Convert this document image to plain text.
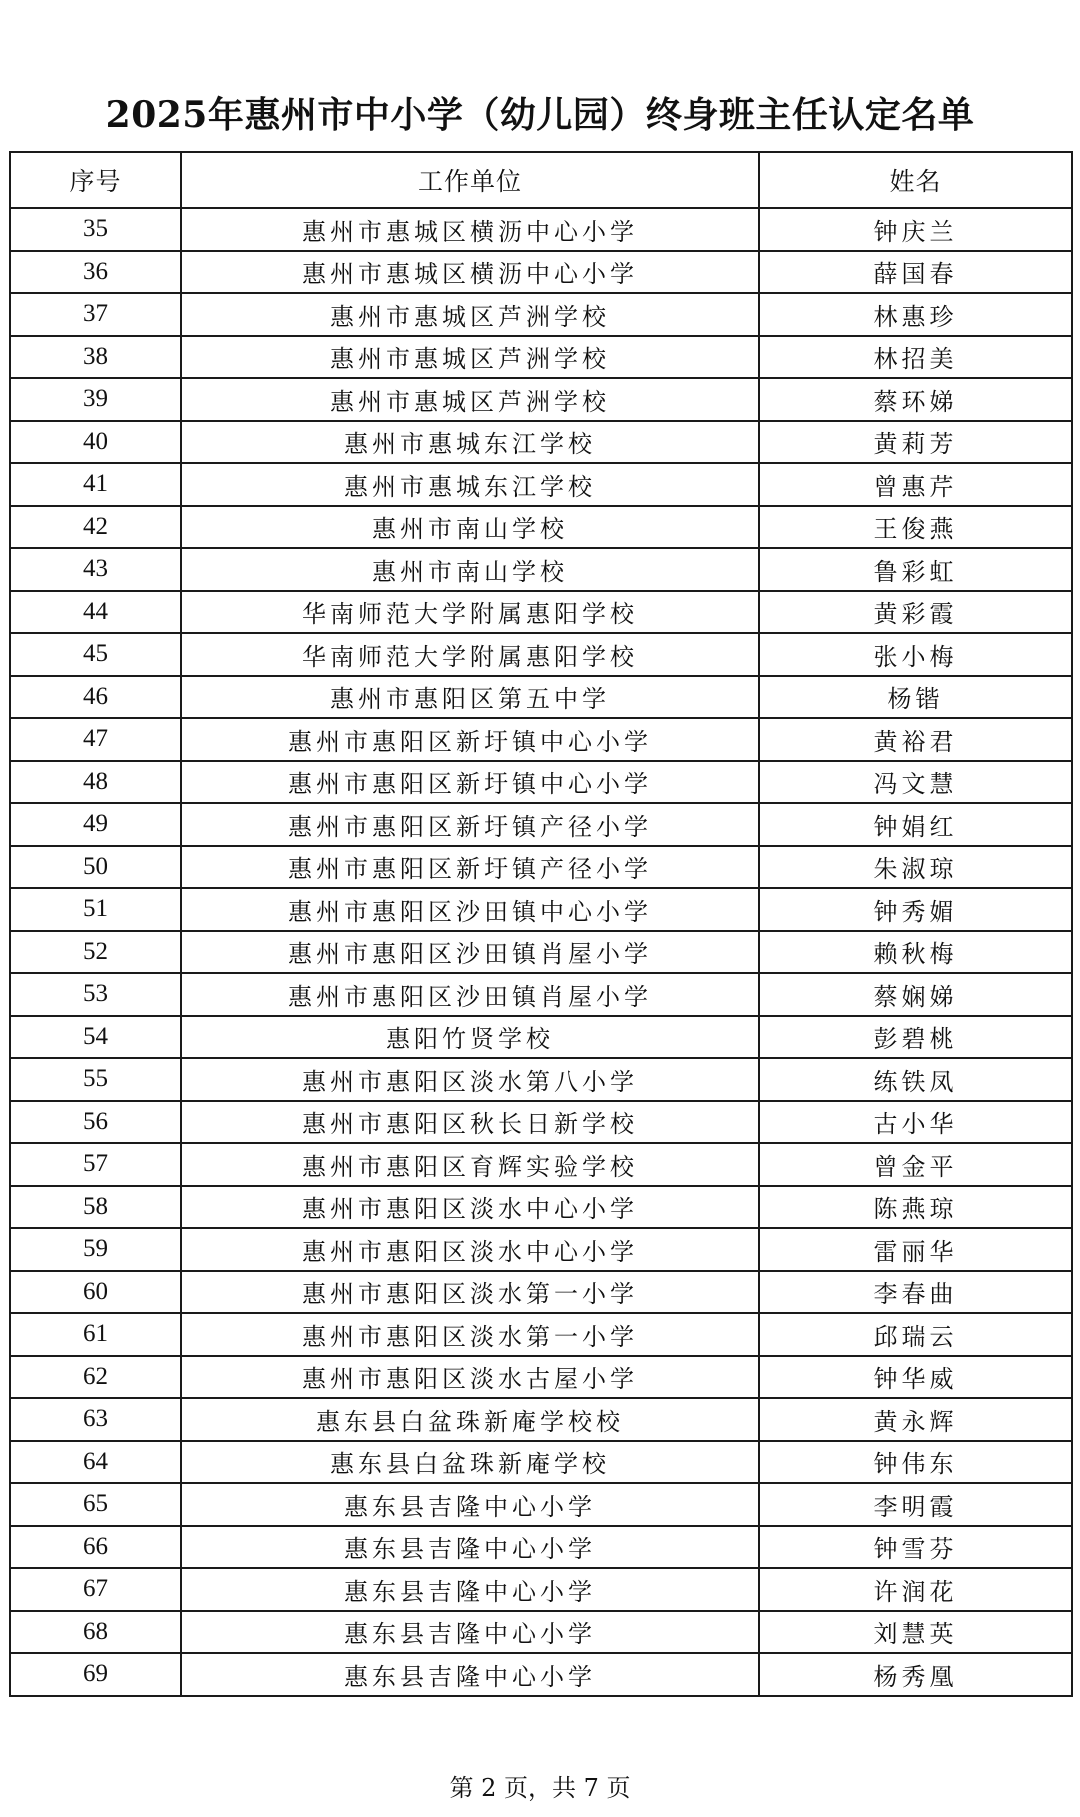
2025年惠州市中小学（幼儿园）终身班主任认定名单
序号	工作单位	姓名
35	惠州市惠城区横沥中心小学	钟庆兰
36	惠州市惠城区横沥中心小学	薛国春
37	惠州市惠城区芦洲学校	林惠珍
38	惠州市惠城区芦洲学校	林招美
39	惠州市惠城区芦洲学校	蔡环娣
40	惠州市惠城东江学校	黄莉芳
41	惠州市惠城东江学校	曾惠芹
42	惠州市南山学校	王俊燕
43	惠州市南山学校	鲁彩虹
44	华南师范大学附属惠阳学校	黄彩霞
45	华南师范大学附属惠阳学校	张小梅
46	惠州市惠阳区第五中学	杨锴
47	惠州市惠阳区新圩镇中心小学	黄裕君
48	惠州市惠阳区新圩镇中心小学	冯文慧
49	惠州市惠阳区新圩镇产径小学	钟娟红
50	惠州市惠阳区新圩镇产径小学	朱淑琼
51	惠州市惠阳区沙田镇中心小学	钟秀媚
52	惠州市惠阳区沙田镇肖屋小学	赖秋梅
53	惠州市惠阳区沙田镇肖屋小学	蔡娴娣
54	惠阳竹贤学校	彭碧桃
55	惠州市惠阳区淡水第八小学	练铁凤
56	惠州市惠阳区秋长日新学校	古小华
57	惠州市惠阳区育辉实验学校	曾金平
58	惠州市惠阳区淡水中心小学	陈燕琼
59	惠州市惠阳区淡水中心小学	雷丽华
60	惠州市惠阳区淡水第一小学	李春曲
61	惠州市惠阳区淡水第一小学	邱瑞云
62	惠州市惠阳区淡水古屋小学	钟华威
63	惠东县白盆珠新庵学校校	黄永辉
64	惠东县白盆珠新庵学校	钟伟东
65	惠东县吉隆中心小学	李明霞
66	惠东县吉隆中心小学	钟雪芬
67	惠东县吉隆中心小学	许润花
68	惠东县吉隆中心小学	刘慧英
69	惠东县吉隆中心小学	杨秀凰
第 2 页，共 7 页
